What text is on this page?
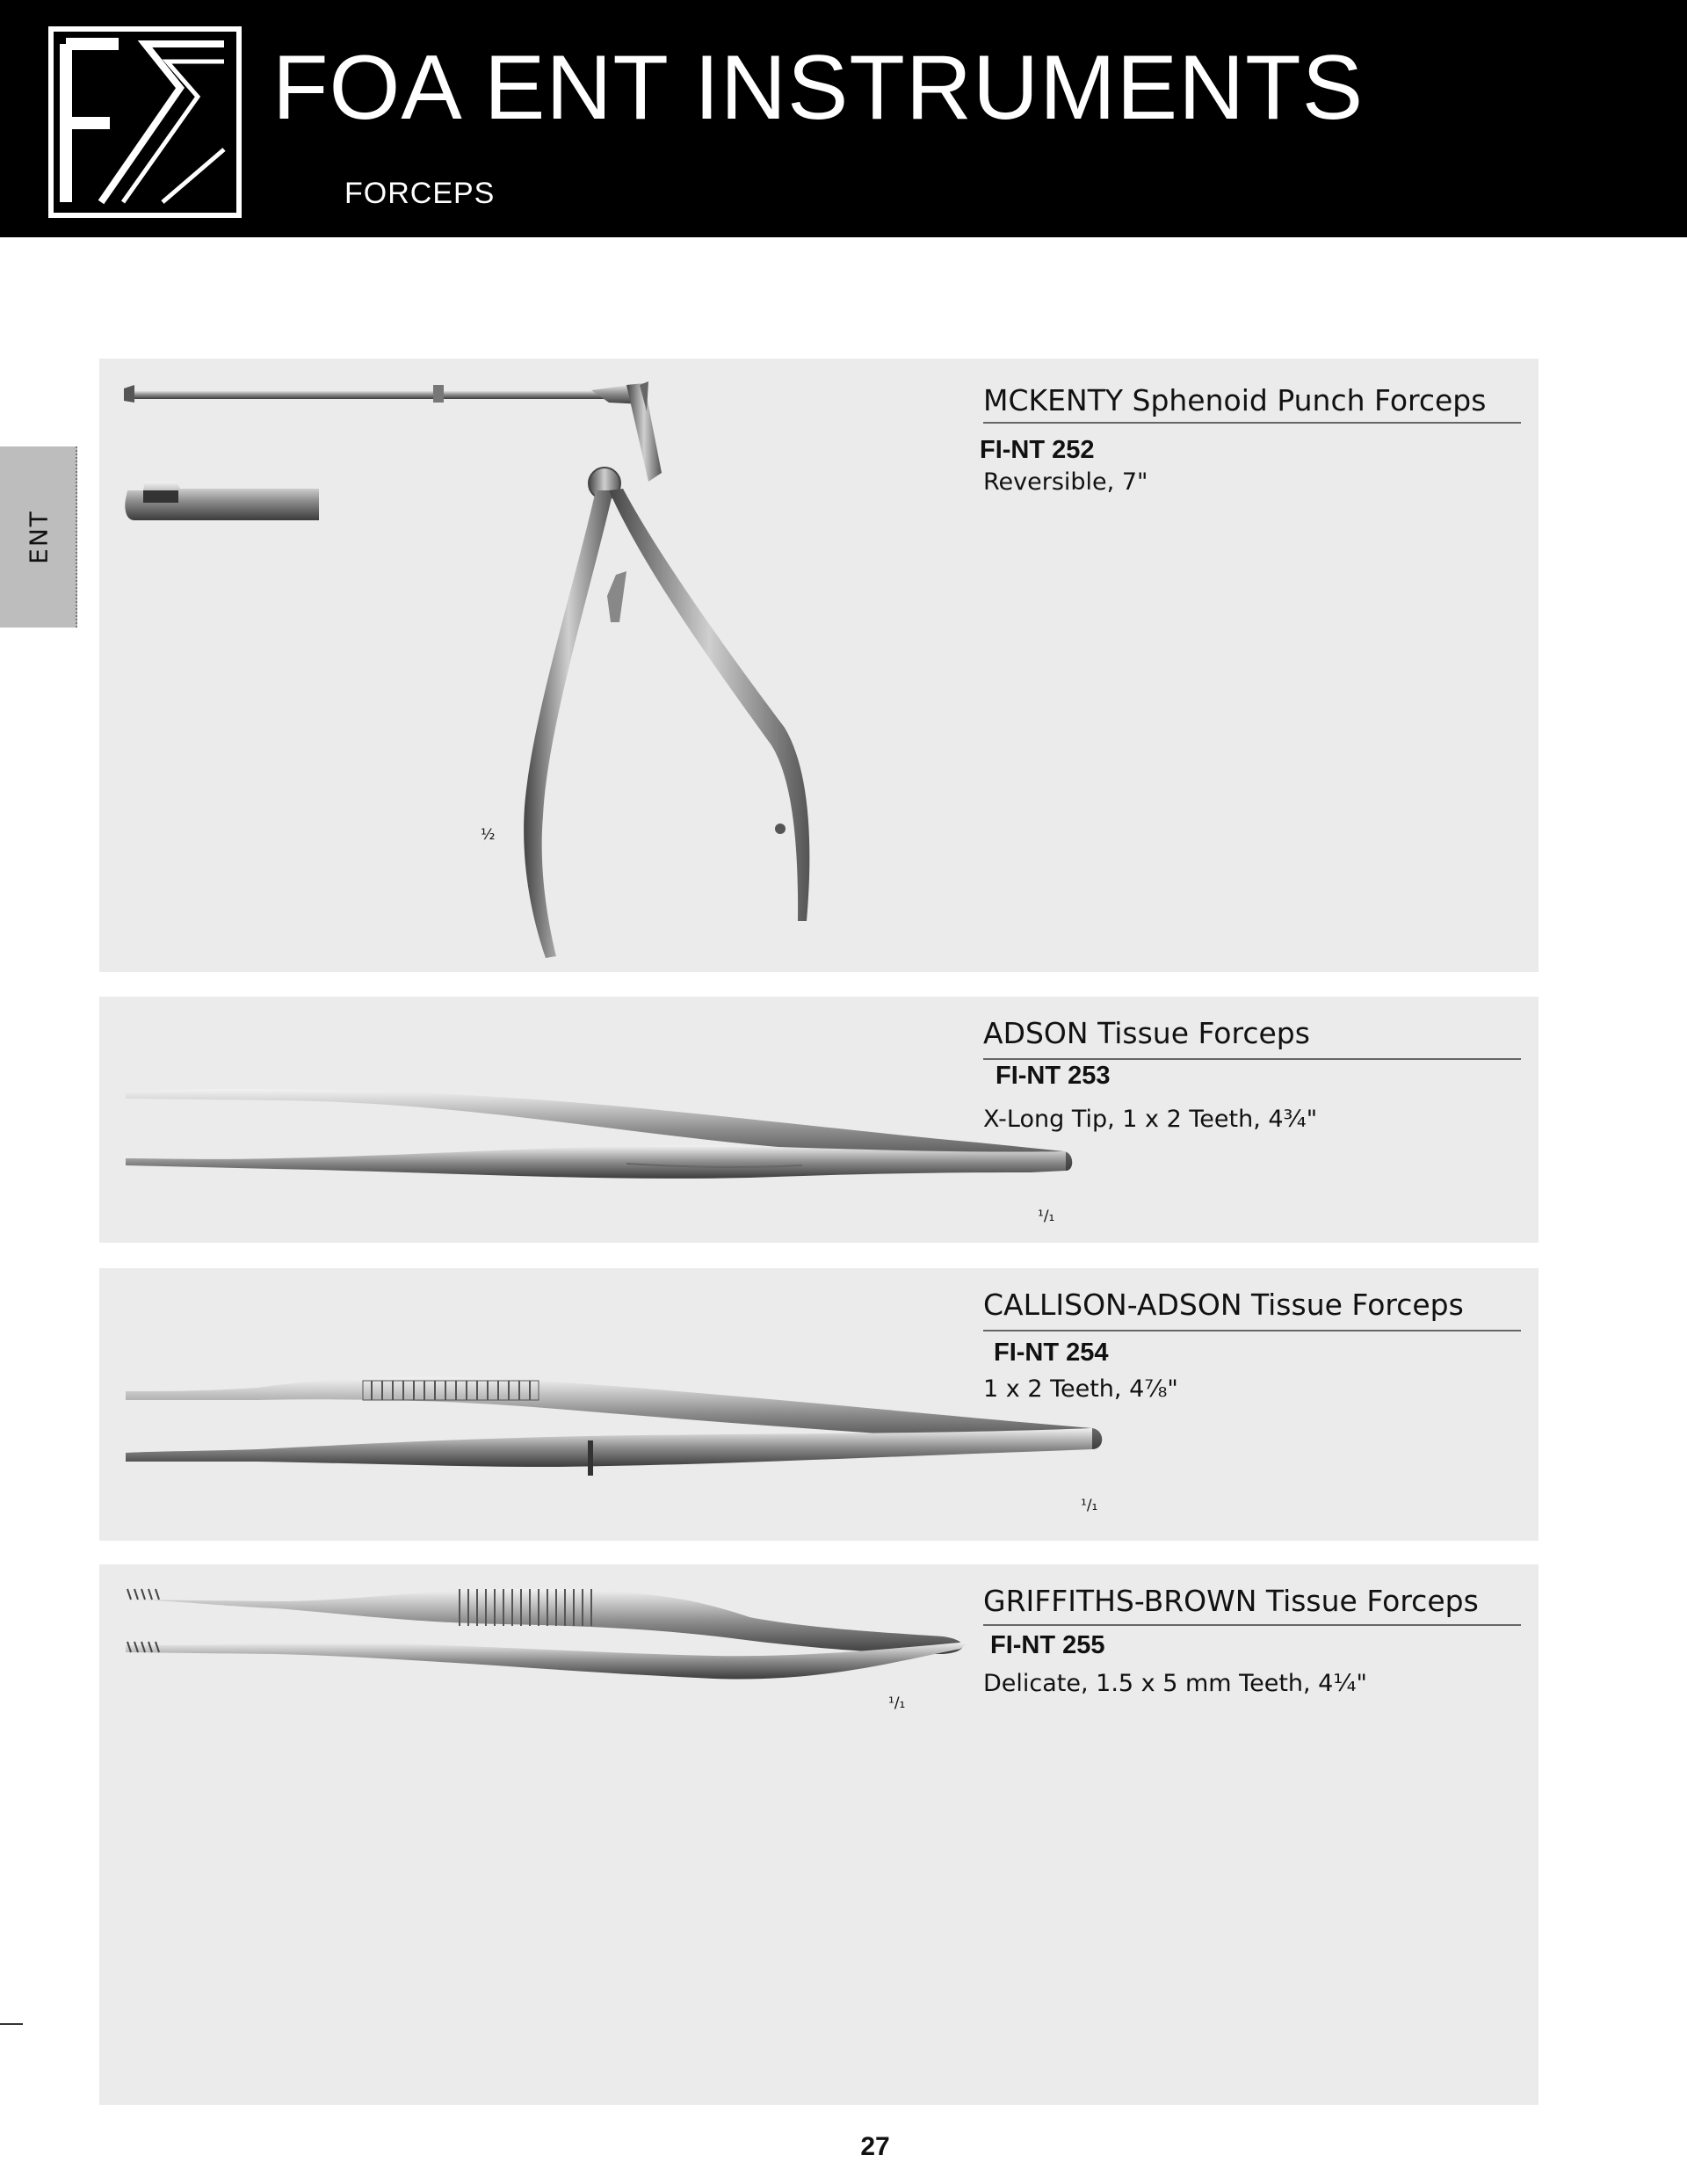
FOA ENT INSTRUMENTS
FORCEPS
ENT
MCKENTY Sphenoid Punch Forceps
FI-NT 252
Reversible, 7"
½
ADSON Tissue Forceps
FI-NT 253
X-Long Tip, 1 x 2 Teeth, 4¾"
¹/₁
CALLISON-ADSON Tissue Forceps
FI-NT 254
1 x 2 Teeth, 4⅞"
¹/₁
GRIFFITHS-BROWN Tissue Forceps
FI-NT 255
Delicate, 1.5 x 5 mm Teeth, 4¼"
¹/₁
27
